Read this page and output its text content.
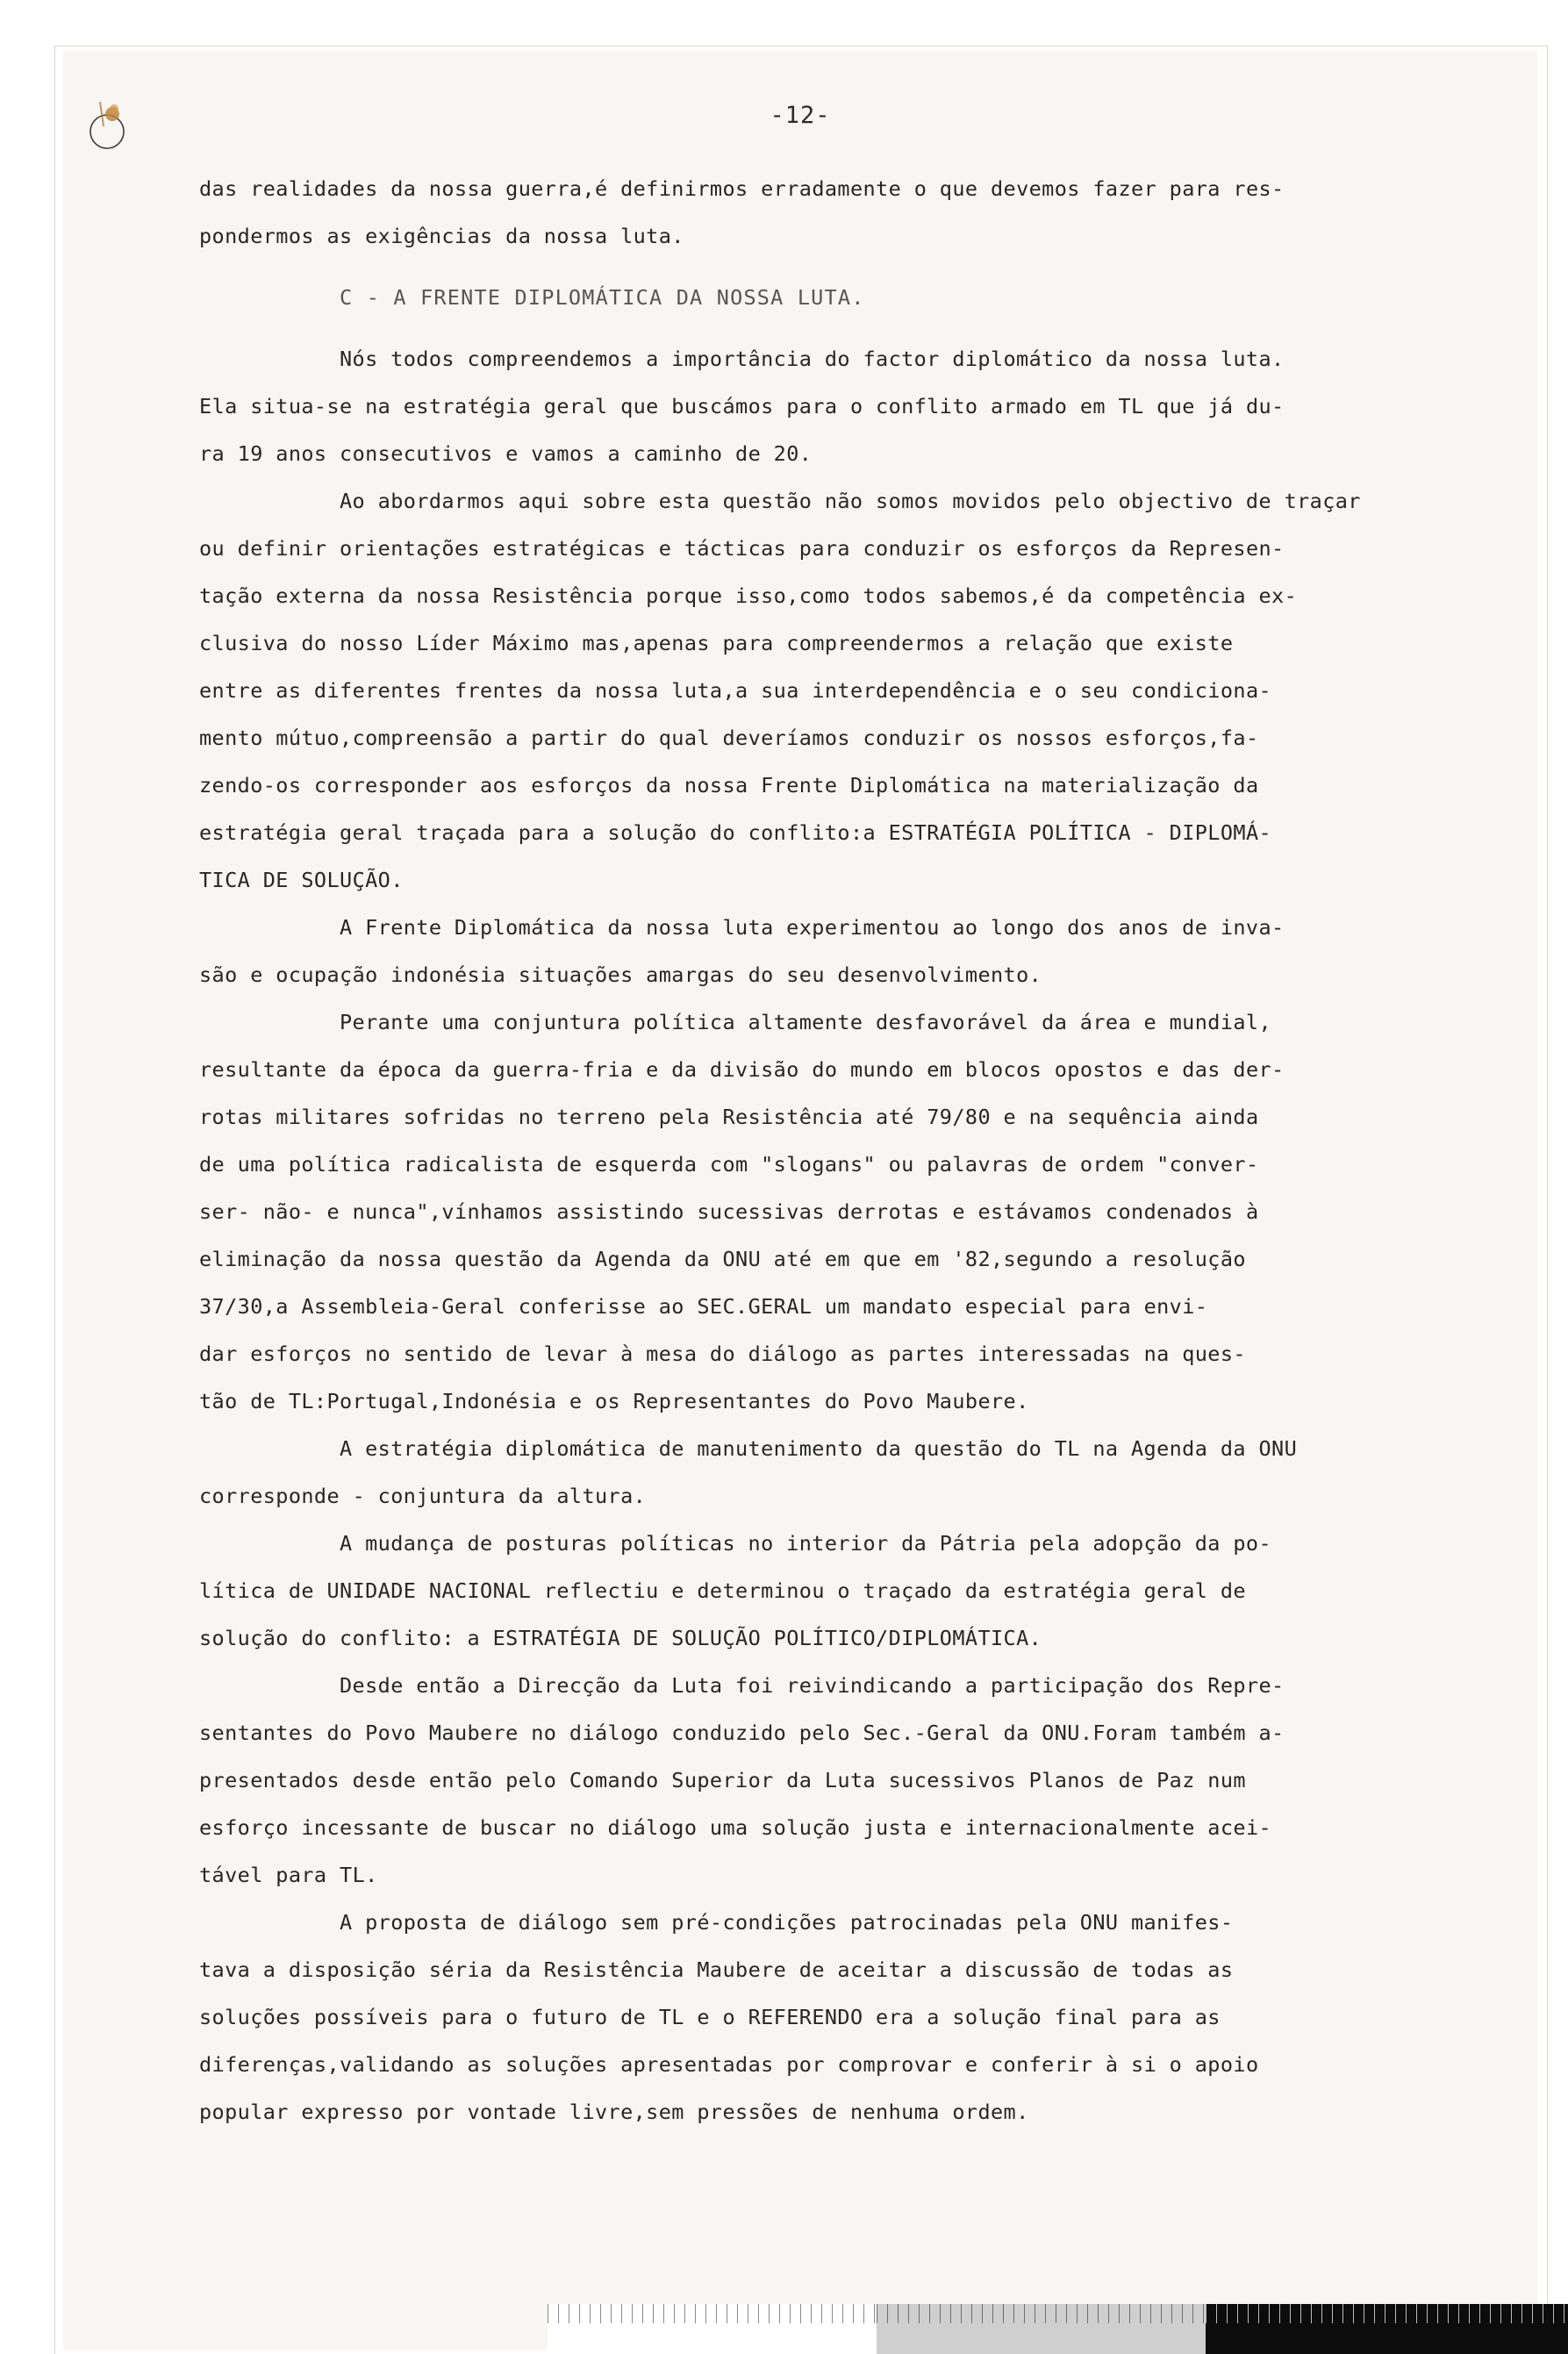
-12-
das realidades da nossa guerra,é definirmos erradamente o que devemos fazer para res-
pondermos as exigências da nossa luta.
C - A FRENTE DIPLOMÁTICA DA NOSSA LUTA.
Nós todos compreendemos a importância do factor diplomático da nossa luta.
Ela situa-se na estratégia geral que buscámos para o conflito armado em TL que já du-
ra 19 anos consecutivos e vamos a caminho de 20.
Ao abordarmos aqui sobre esta questão não somos movidos pelo objectivo de traçar
ou definir orientações estratégicas e tácticas para conduzir os esforços da Represen-
tação externa da nossa Resistência porque isso,como todos sabemos,é da competência ex-
clusiva do nosso Líder Máximo mas,apenas para compreendermos a relação que existe
entre as diferentes frentes da nossa luta,a sua interdependência e o seu condiciona-
mento mútuo,compreensão a partir do qual deveríamos conduzir os nossos esforços,fa-
zendo-os corresponder aos esforços da nossa Frente Diplomática na materialização da
estratégia geral traçada para a solução do conflito:a ESTRATÉGIA POLÍTICA - DIPLOMÁ-
TICA DE SOLUÇÃO.
A Frente Diplomática da nossa luta experimentou ao longo dos anos de inva-
são e ocupação indonésia situações amargas do seu desenvolvimento.
Perante uma conjuntura política altamente desfavorável da área e mundial,
resultante da época da guerra-fria e da divisão do mundo em blocos opostos e das der-
rotas militares sofridas no terreno pela Resistência até 79/80 e na sequência ainda
de uma política radicalista de esquerda com "slogans" ou palavras de ordem "conver-
ser- não- e nunca",vínhamos assistindo sucessivas derrotas e estávamos condenados à
eliminação da nossa questão da Agenda da ONU até em que em '82,segundo a resolução
37/30,a Assembleia-Geral conferisse ao SEC.GERAL um mandato especial para envi-
dar esforços no sentido de levar à mesa do diálogo as partes interessadas na ques-
tão de TL:Portugal,Indonésia e os Representantes do Povo Maubere.
A estratégia diplomática de manutenimento da questão do TL na Agenda da ONU
corresponde - conjuntura da altura.
A mudança de posturas políticas no interior da Pátria pela adopção da po-
lítica de UNIDADE NACIONAL reflectiu e determinou o traçado da estratégia geral de
solução do conflito: a ESTRATÉGIA DE SOLUÇÃO POLÍTICO/DIPLOMÁTICA.
Desde então a Direcção da Luta foi reivindicando a participação dos Repre-
sentantes do Povo Maubere no diálogo conduzido pelo Sec.-Geral da ONU.Foram também a-
presentados desde então pelo Comando Superior da Luta sucessivos Planos de Paz num
esforço incessante de buscar no diálogo uma solução justa e internacionalmente acei-
tável para TL.
A proposta de diálogo sem pré-condições patrocinadas pela ONU manifes-
tava a disposição séria da Resistência Maubere de aceitar a discussão de todas as
soluções possíveis para o futuro de TL e o REFERENDO era a solução final para as
diferenças,validando as soluções apresentadas por comprovar e conferir à si o apoio
popular expresso por vontade livre,sem pressões de nenhuma ordem.
